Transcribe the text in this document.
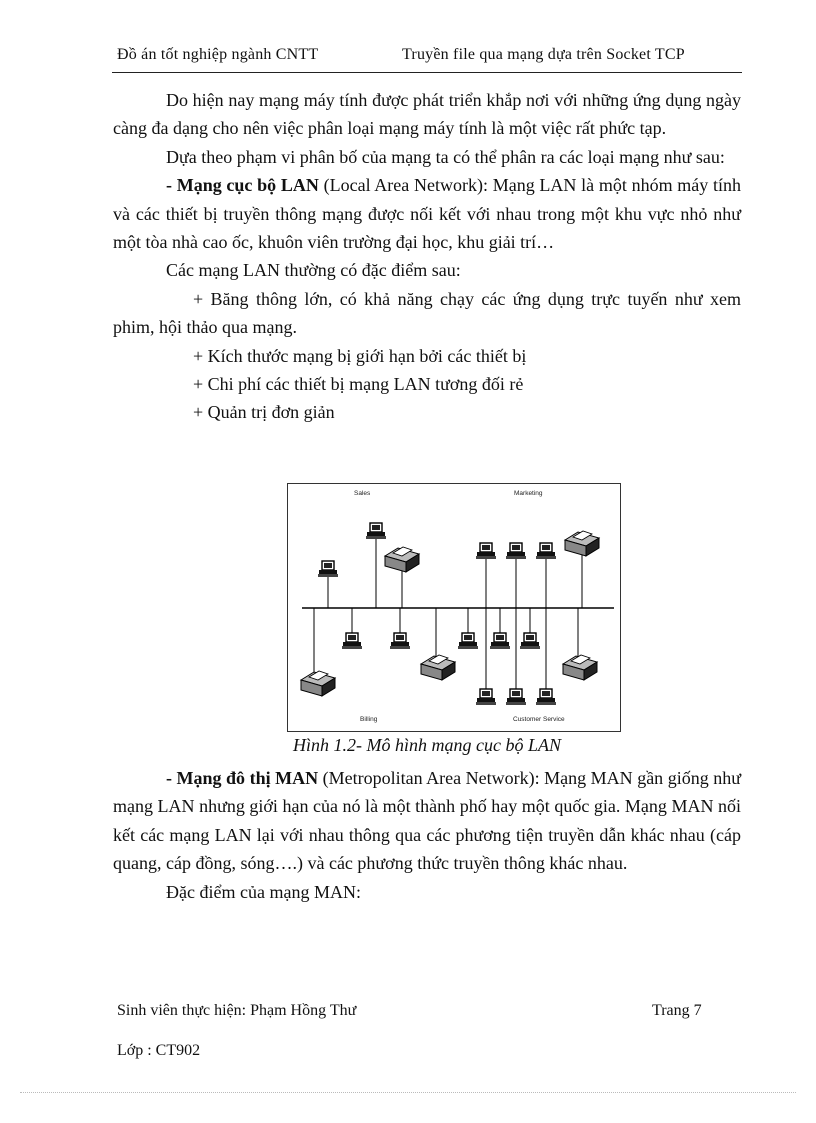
Đồ án tốt nghiệp ngành CNTT	Truyền file qua mạng dựa trên Socket TCP

Do hiện nay mạng máy tính được phát triển khắp nơi với những ứng dụng ngày càng đa dạng cho nên việc phân loại mạng máy tính là một việc rất phức tạp.

Dựa theo phạm vi phân bố của mạng ta có thể phân ra các loại mạng như sau:

- Mạng cục bộ LAN (Local Area Network): Mạng LAN là một nhóm máy tính và các thiết bị truyền thông mạng được nối kết với nhau trong một khu vực nhỏ như một tòa nhà cao ốc, khuôn viên trường đại học, khu giải trí…

Các mạng LAN thường có đặc điểm sau:

+ Băng thông lớn, có khả năng chạy các ứng dụng trực tuyến như xem phim, hội thảo qua mạng.

+ Kích thước mạng bị giới hạn bởi các thiết bị

+ Chi phí các thiết bị mạng LAN tương đối rẻ

+ Quản trị đơn giản

Sales	Marketing
Billing	Customer Service
Hình 1.2- Mô hình mạng cục bộ LAN

- Mạng đô thị MAN (Metropolitan Area Network): Mạng MAN gần giống như mạng LAN nhưng giới hạn của nó là một thành phố hay một quốc gia. Mạng MAN nối kết các mạng LAN lại với nhau thông qua các phương tiện truyền dẫn khác nhau (cáp quang, cáp đồng, sóng….) và các phương thức truyền thông khác nhau.

Đặc điểm của mạng MAN:

Sinh viên thực hiện: Phạm Hồng Thư	Trang 7
Lớp : CT902
